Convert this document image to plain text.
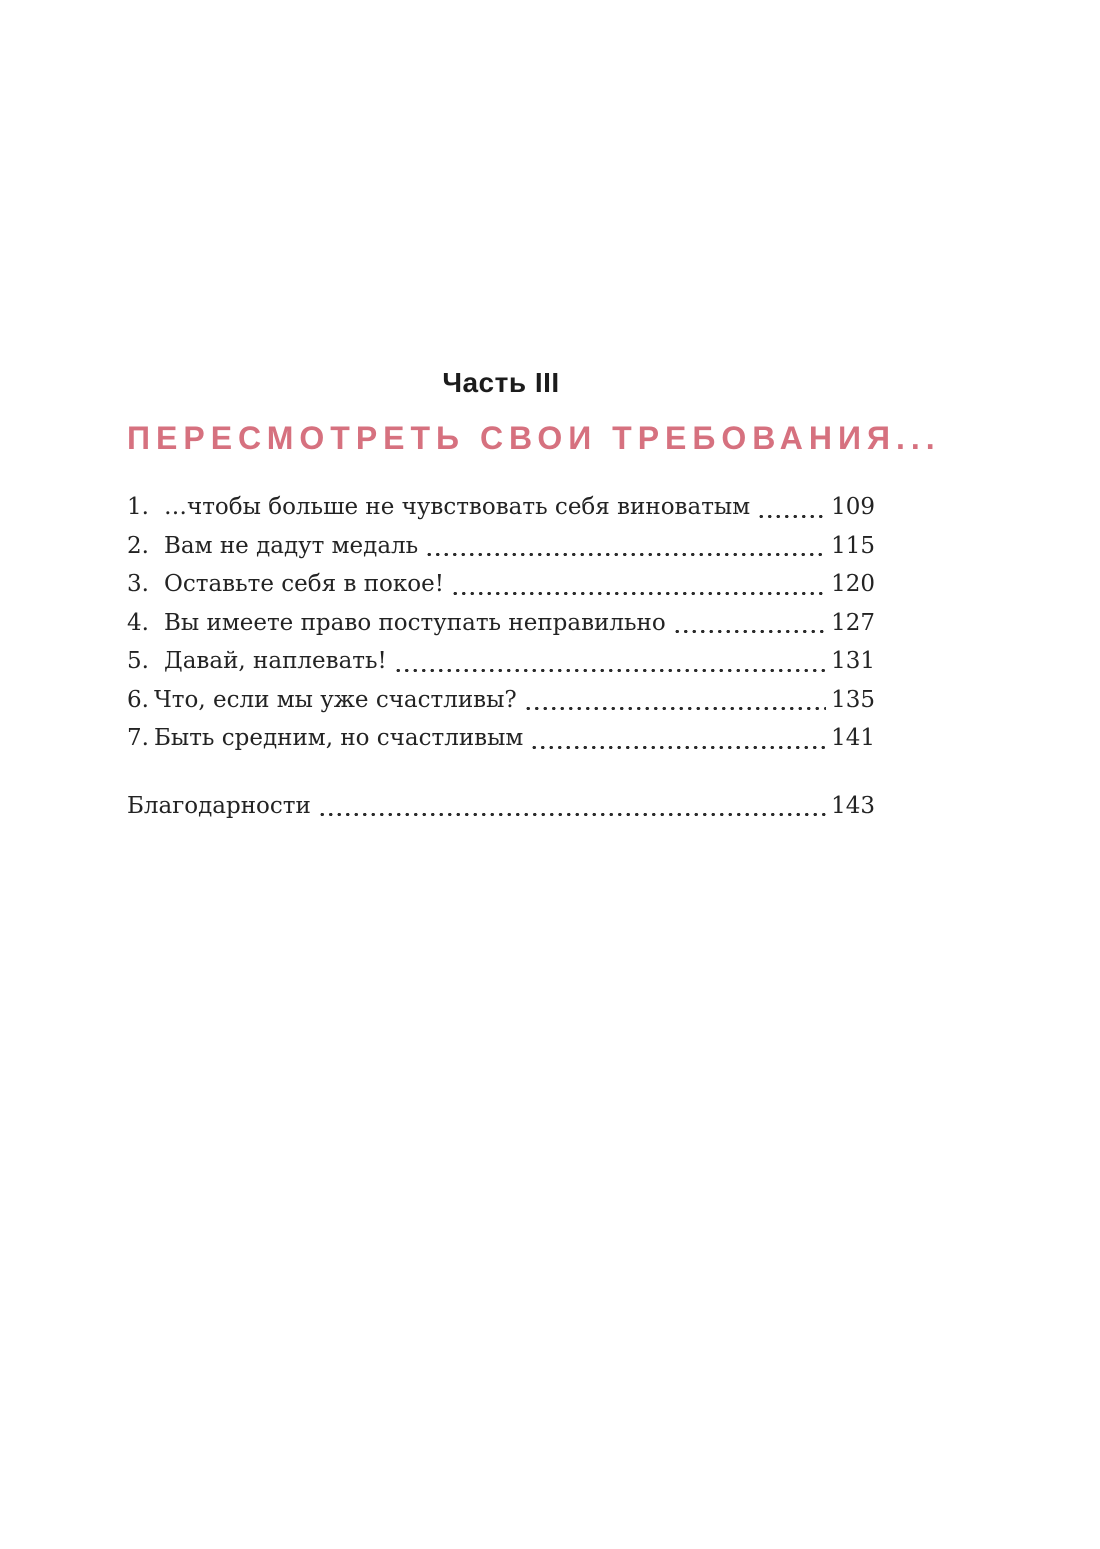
Часть III
ПЕРЕСМОТРЕТЬ СВОИ ТРЕБОВАНИЯ...
1. …чтобы больше не чувствовать себя виноватым	109
2. Вам не дадут медаль	115
3. Оставьте себя в покое!	120
4. Вы имеете право поступать неправильно	127
5. Давай, наплевать!	131
6. Что, если мы уже счастливы?	135
7. Быть средним, но счастливым	141
Благодарности	143
